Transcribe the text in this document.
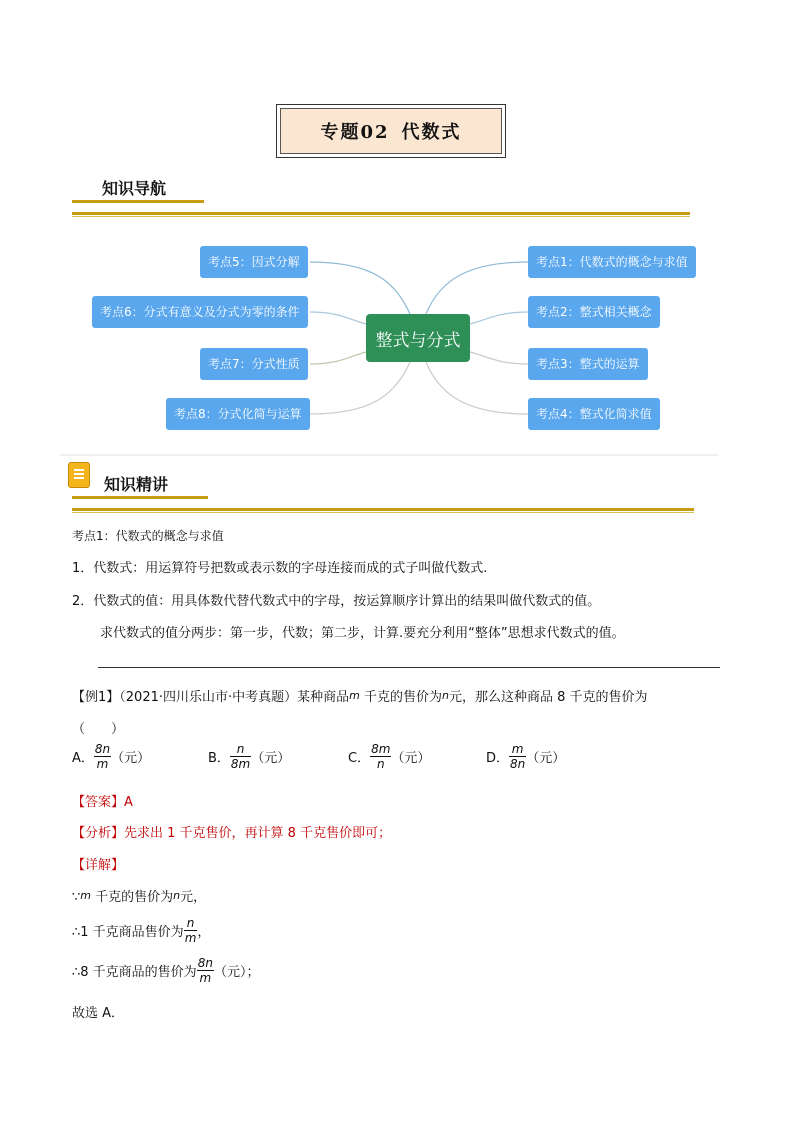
专题02 代数式
知识导航
考点5：因式分解
考点6：分式有意义及分式为零的条件
考点7：分式性质
考点8：分式化简与运算
考点1：代数式的概念与求值
考点2：整式相关概念
考点3：整式的运算
考点4：整式化简求值
整式与分式
知识精讲
考点1：代数式的概念与求值
1．代数式：用运算符号把数或表示数的字母连接而成的式子叫做代数式.
2．代数式的值：用具体数代替代数式中的字母，按运算顺序计算出的结果叫做代数式的值。
求代数式的值分两步：第一步，代数；第二步，计算.要充分利用“整体”思想求代数式的值。
【例1】（2021·四川乐山市·中考真题）某种商品m 千克的售价为n元，那么这种商品 8 千克的售价为
（　　）
A． $\frac{8n}{m}$ （元）	B． $\frac{n}{8m}$ （元）	C． $\frac{8m}{n}$ （元）	D． $\frac{m}{8n}$ （元）
【答案】A
【分析】先求出 1 千克售价，再计算 8 千克售价即可；
【详解】
∵m 千克的售价为n元，
∴1 千克商品售价为 $\frac{n}{m}$ ，
∴8 千克商品的售价为 $\frac{8n}{m}$ （元）；
故选 A．
